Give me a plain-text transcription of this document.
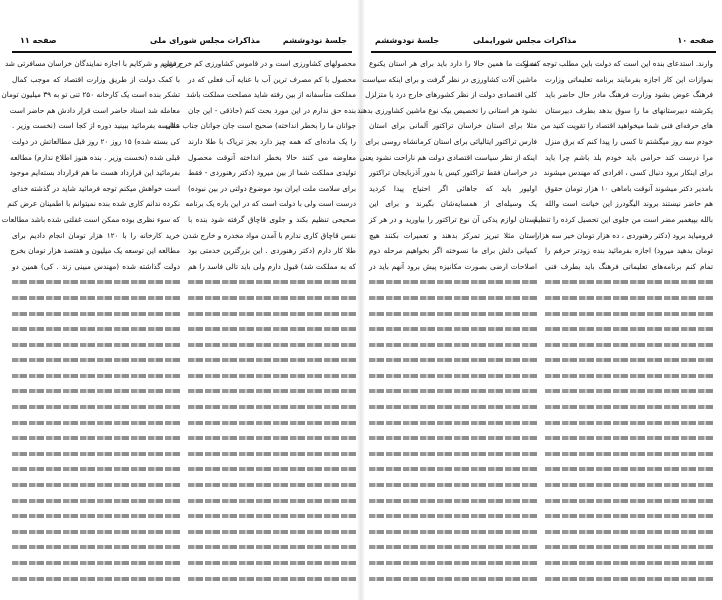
جلسهٔ نودوششم
مذاکرات مجلس شورای ملی
صفحه ۱۱
محصولهای کشاورزی است و در قاموس کشاورزی کم خرج ترین
محصول با کم مصرف ترین آب با عنایه آب فعلی که در
مملکت متأسفانه از بین رفته شاید مصلحت مملکت باشد
بنده حق ندارم در این مورد بحث کنم (حاذقی - این جان
جوانان ما را بخطر انداخته) صحیح است جان جوانان جناب عالی
را یک ماده‌ای که همه چیز دارد بجز تریاک با طلا دارند
معاوضه می کنند حالا بخطر انداخته آنوقت محصول
تولیدی مملکت شما از بین میرود (دکتر رهنوردی - فقط
برای سلامت ملت ایران بود موضوع دولتی در بین نبوده)
درست است ولی با دولت است که در این باره یک برنامه
صحیحی تنظیم بکند و جلوی قاچاق گرفته شود بنده با
نفس قاچاق کاری ندارم با آمدن مواد مخدره و خارج شدن
طلا کار دارم (دکتر رهنوردی . این بزرگترین خدمتی بود
که به مملکت شد) قبول دارم ولی باید تالی فاسد را هم
رفقایم و شرکایم با اجازه نمایندگان خراسان مسافرتی شد
با کمک دولت از طریق وزارت اقتصاد که موجب کمال
تشکر بنده است یک کارخانه ۲۵۰ تنی تو به ۳۹ میلیون تومان
معامله شد اسناد حاضر است قرار دادش هم حاضر است
مقایسه بفرمائید ببینید دوره از کجا است (نخست وزیر .
کی بسته شده) ۱۵ روز ۲۰ روز قبل مطالعاتش در دولت
قبلی شده (نخست وزیر . بنده هنوز اطلاع ندارم) مطالعه
بفرمائید این قرارداد هست ما هم قرارداد بسته‌ایم موجود
است خواهش میکنم توجه فرمائید شاید در گذشته خدای
نکرده ندانم کاری شده بنده نمیتوانم با اطمینان عرض کنم
که سوء نظری بوده ممکن است غفلتی شده باشد مطالعات
خرید کارخانه را با ۱۲۰ هزار تومان انجام دادیم برای
مطالعه این توسعه یک میلیون و هفتصد هزار تومان بخرج
دولت گذاشته شده (مهندس مبینی زند . کی) همین دو
جلسهٔ نودوششم	مذاکرات مجلس شورایملی	صفحه ۱۰
وارند. استدعای بنده این است که دولت باین مطلب توجه کند و
بموازات این کار اجازه بفرمایند برنامه تعلیماتی وزارت
فرهنگ عوض بشود وزارت فرهنگ مادر حال حاضر باید
یکرشته دبیرستانهای ما را سوق بدهد بطرف دبیرستان
های حرفه‌ای فنی شما میخواهید اقتصاد را تقویت کنید من
خودم سه روز میگشتم تا کسی را پیدا کنم که برق منزل
مرا درست کند حرامی باید خودم بلد باشم چرا باید
برای اینکار برود دنبال کسی ، افرادی که مهندس میشوند
بامدیر دکتر میشوند آنوقت باماهی ۱۰ هزار تومان حقوق
هم حاضر نیستند بروند الیگودرز این خیانت است والله
بالله بپیغمبر مضر است من جلوی این تحصیل کرده را تنظیم
فرومیاید برود (دکتر رهنوردی ، ده هزار تومان خیر سه هزار
تومان بدهید میرود) اجازه بفرمائید بنده زودتر حرفم را
تمام کنم برنامه‌های تعلیماتی فرهنگ باید بطرف فنی
مملکت ما همین حالا را دارد باید برای هر استان یکنوع
ماشین آلات کشاورزی در نظر گرفت و برای اینکه سیاست
کلی اقتصادی دولت از نظر کشورهای خارج درد یا متزلزل
نشود هر استانی را تخصیص بیک نوع ماشین کشاورزی بدهند
مثلا برای استان خراسان تراکتور آلمانی برای استان
فارس تراکتور ایتالیائی برای استان کرمانشاه روسی برای
اینکه از نظر سیاست اقتصادی دولت هم ناراحت نشود یعنی
در خراسان فقط تراکتور کیس یا بدور آذربایجان تراکتور
اولیور باید که جاهائی اگر احتیاج پیدا کردید
یک وسیله‌ای از همسایه‌شان بگیرند و برای این
استان لوازم یدکی آن نوع تراکتور را بیاورید و در هر کز
استان مثلا تبریز تمرکز بدهند و تعمیرات بکنند هیچ
کمپانی دلش برای ما نسوخته اگر بخواهیم مرحله دوم
اصلاحات ارضی بصورت مکانیزه پیش برود آنهم باید در
